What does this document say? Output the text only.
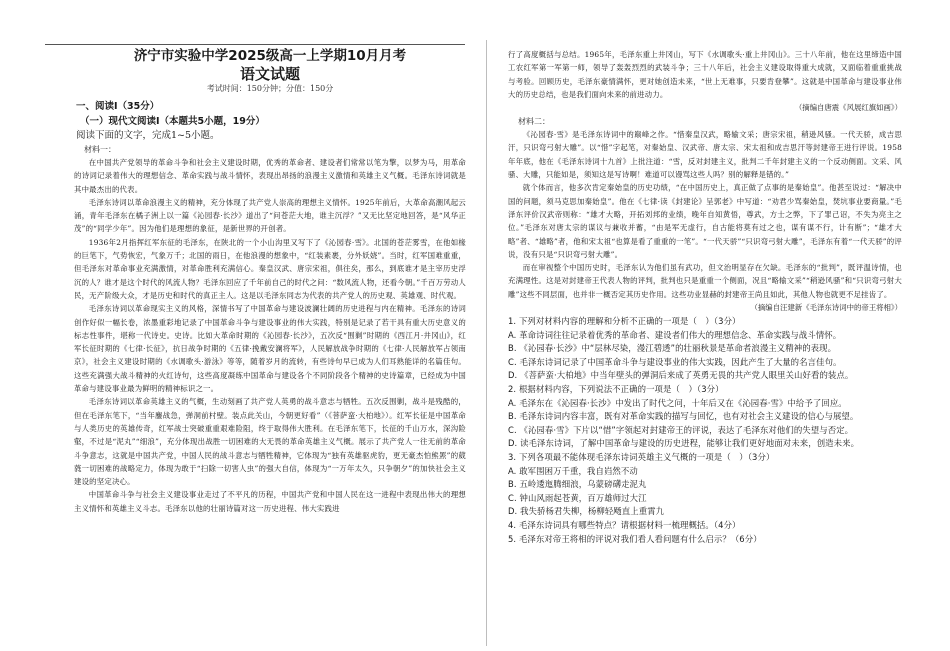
济宁市实验中学2025级高一上学期10月月考
语文试题
考试时间：150分钟；分值：150分
一、阅读Ⅰ（35分）
（一）现代文阅读Ⅰ（本题共5小题，19分）
阅读下面的文字，完成1~5小题。
材料一：

在中国共产党领导的革命斗争和社会主义建设时期，优秀的革命者、建设者们常常以笔为擎，以梦为马，用革命的诗词记录着伟大的理想信念、革命实践与战斗情怀，表现出昂扬的浪漫主义激情和英雄主义气概。毛泽东诗词就是其中最杰出的代表。

毛泽东诗词以革命浪漫主义的精神，充分体现了共产党人崇高的理想主义情怀。1925年前后，大革命高潮风起云涌，青年毛泽东在橘子洲上以一篇《沁园春·长沙》道出了“问苍茫大地，谁主沉浮？”又无比坚定地回答，是“风华正茂”的“同学少年”。因为他们是理想的象征，是新世界的开创者。

1936年2月指挥红军东征的毛泽东，在陕北的一个小山沟里又写下了《沁园春·雪》。北国的苍茫雾雪，在他如椽的巨笔下，气势恢宏，气象万千；北国的雨日，在他浪漫的想象中，“红装素裹，分外妖娆”。当时，红军国难重重，但毛泽东对革命事业充满激情，对革命胜利充满信心。秦皇汉武、唐宗宋祖，俱往矣，那么，到底谁才是主宰历史浮沉的人？谁才是这个时代的风流人物？毛泽东回应了千年前自己的时代之问：“数风流人物，还看今朝。”千百万劳动人民，无产阶级大众，才是历史和时代的真正主人。这是以毛泽东同志为代表的共产党人的历史观、英雄观、时代观。

毛泽东诗词以革命现实主义的风格，深情书写了中国革命与建设波澜壮阔的历史进程与内在精神。毛泽东的诗词创作好似一幅长卷，浓墨重彩地记录了中国革命斗争与建设事业的伟大实践，特别是记录了若干具有重大历史意义的标志性事件，堪称一代诗史。史诗。比如大革命时期的《沁园春·长沙》，五次反“围剿”时期的《西江月·井冈山》，红军长征时期的《七律·长征》，抗日战争时期的《五律·挽戴安澜将军》，人民解放战争时期的《七律·人民解放军占领南京》，社会主义建设时期的《水调歌头·游泳》等等，随着岁月的流转，有些诗句早已成为人们耳熟能详的名篇佳句。这些充满强大战斗精神的火红诗句，这些高度凝练中国革命与建设各个不同阶段各个精神的史诗篇章，已经成为中国革命与建设事业最为鲜明的精神标识之一。

毛泽东诗词以革命英雄主义的气概，生动刻画了共产党人英勇的战斗意志与牺牲。五次反围剿，战斗是残酷的，但在毛泽东笔下，“当年鏖战急，弹洞前村壁。装点此关山，今朝更好看”（《菩萨蛮·大柏地》）。红军长征是中国革命与人类历史的英雄传奇，红军战士突破重重艰难险阻，终于取得伟大胜利。在毛泽东笔下，长征的千山万水，深沟险壑，不过是“泥丸”“细浪”，充分体现出战胜一切困难的大无畏的革命英雄主义气概。展示了共产党人一往无前的革命斗争意志，这就是中国共产党，中国人民的战斗意志与牺牲精神，它体现为“独有英雄驱虎豹，更无豪杰怕熊罴”的葳蕤一切困难的战略定力，体现为敢于“扫除一切害人虫”的强大自信，体现为“一万年太久，只争朝夕”的加快社会主义建设的坚定决心。

中国革命斗争与社会主义建设事业走过了不平凡的历程，中国共产党和中国人民在这一进程中表现出伟大的理想主义情怀和英雄主义斗志。毛泽东以他的壮丽诗篇对这一历史进程、伟大实践进

行了高度概括与总结。1965年，毛泽东重上井冈山，写下《水调歌头·重上井冈山》。三十八年前，他在这里缔造中国工农红军第一军第一师，领导了轰轰烈烈的武装斗争；三十八年后，社会主义建设取得重大成就，又面临着重重挑战与考验。回顾历史，毛泽东豪情满怀，更对她创造未来，“世上无难事，只要肯登攀”。这就是中国革命与建设事业伟大的历史总结，也是我们面向未来的前进动力。

（摘编自唐震《风展红旗如画》）

材料二：

《沁园春·雪》是毛泽东诗词中的巅峰之作。“惜秦皇汉武，略输文采；唐宗宋祖，稍逊风骚。一代天骄，成吉思汗，只识弯弓射大雕”。以“惜”字起笔，对秦始皇、汉武帝、唐太宗、宋太祖和成吉思汗等封建帝王进行评说。1958年年底，他在《毛泽东诗词十九首》上批注道：“雪，反对封建主义，批判二千年封建主义的一个反动侧面。文采、风骚、大雕，只能如是，须知这是写诗啊！难道可以谩骂这些人吗？别的解释是错的。”

就个体而言，他多次肯定秦始皇的历史功绩，“在中国历史上，真正做了点事的是秦始皇”。他甚至说过：“解决中国的问题，须马克思加秦始皇”。他在《七律·读《封建论》呈郭老》中写道：“劝君少骂秦始皇，焚坑事业要商量。”毛泽东评价汉武帝则称：“雄才大略，开拓刘邦的业绩，晚年自知黄悟，尊武，方士之弊，下了罪己诏，不失为亮主之位。”毛泽东对唐太宗的谋议与兼收并蓄，“由是军无虚行，自古能将莫有过之也，谋有谋不行，计有断”；“雄才大略”者、“雄略”者，他和宋太祖“也算是看了重重的一笔”。“一代天骄”“只识弯弓射大雕”，毛泽东有着“一代天骄”的评说，没有只是“只识弯弓射大雕”。

而在审视整个中国历史时，毛泽东认为他们虽有武功，但文治明显存在欠缺。毛泽东的“批判”，既评温诗情，也充满理性。这是对封建帝王代表人物的评判，批判也只是重重一个侧面，况且“略输文采”“稍逊风骚”和“只识弯弓射大雕”这些不同层面，也并非一概否定其历史作用。这些功业显赫的封建帝王尚且如此，其他人物也就更不足挂齿了。

（摘编自汪建新《毛泽东诗词中的帝王将相》）

1. 下列对材料内容的理解和分析不正确的一项是（　）（3分）

A. 革命诗词往往记录着优秀的革命者、建设者们伟大的理想信念、革命实践与战斗情怀。

B. 《沁园春·长沙》中“层林尽染，漫江碧透”的壮丽秋景是革命者浪漫主义精神的表现。

C. 毛泽东诗词记录了中国革命斗争与建设事业的伟大实践，因此产生了大量的名言佳句。

D. 《菩萨蛮·大柏地》中当年壁头的弹洞后来成了英勇无畏的共产党人眼里关山好看的装点。

2. 根据材料内容，下列说法不正确的一项是（　）（3分）

A. 毛泽东在《沁园春·长沙》中发出了时代之问，十年后又在《沁园春·雪》中给予了回应。

B. 毛泽东诗词内容丰富，既有对革命实践的描写与回忆，也有对社会主义建设的信心与展望。

C. 《沁园春·雪》下片以“惜”字领起对封建帝王的评说，表达了毛泽东对他们的失望与否定。

D. 读毛泽东诗词，了解中国革命与建设的历史进程，能够让我们更好地面对未来，创造未来。

3. 下列各项最不能体现毛泽东诗词英雄主义气概的一项是（　）（3分）

A. 敢军围困万千重，我自岿然不动

B. 五岭逶迤腾细浪，乌蒙磅礴走泥丸

C. 钟山风雨起苍黄，百万雄师过大江

D. 我失骄杨君失柳，杨柳轻飏直上重霄九

4. 毛泽东诗词具有哪些特点？请根据材料一梳理概括。（4分）

5. 毛泽东对帝王将相的评说对我们看人看问题有什么启示？（6分）
